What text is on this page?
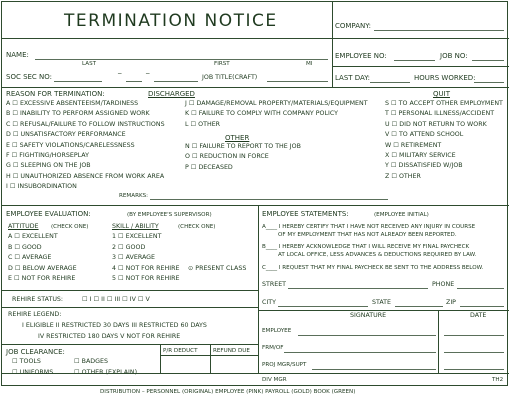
TERMINATION NOTICE	COMPANY:
NAME:
LAST	FIRST	MI
EMPLOYEE NO:	JOB NO:
SOC SEC NO:
_	_
JOB TITLE(CRAFT)	LAST DAY:	HOURS WORKED:
REASON FOR TERMINATION:	DISCHARGED	QUIT
A ☐ EXCESSIVE ABSENTEEISM/TARDINESS
B ☐ INABILITY TO PERFORM ASSIGNED WORK
C ☐ REFUSAL/FAILURE TO FOLLOW INSTRUCTIONS
D ☐ UNSATISFACTORY PERFORMANCE
E ☐ SAFETY VIOLATIONS/CARELESSNESS
F ☐ FIGHTING/HORSEPLAY
G ☐ SLEEPING ON THE JOB
H ☐ UNAUTHORIZED ABSENCE FROM WORK AREA
I ☐ INSUBORDINATION
J ☐ DAMAGE/REMOVAL PROPERTY/MATERIALS/EQUIPMENT
K ☐ FAILURE TO COMPLY WITH COMPANY POLICY
L ☐ OTHER
OTHER
N ☐ FAILURE TO REPORT TO THE JOB
O ☐ REDUCTION IN FORCE
P ☐ DECEASED
S ☐ TO ACCEPT OTHER EMPLOYMENT
T ☐ PERSONAL ILLNESS/ACCIDENT
U ☐ DID NOT RETURN TO WORK
V ☐ TO ATTEND SCHOOL
W ☐ RETIREMENT
X ☐ MILITARY SERVICE
Y ☐ DISSATISFIED W/JOB
Z ☐ OTHER
REMARKS:
EMPLOYEE EVALUATION:	(BY EMPLOYEE'S SUPERVISOR)
ATTITUDE (CHECK ONE)	SKILL / ABILITY	(CHECK ONE)
A ☐ EXCELLENT
B ☐ GOOD
C ☐ AVERAGE
D ☐ BELOW AVERAGE
E ☐ NOT FOR REHIRE
1 ☐ EXCELLENT
2 ☐ GOOD
3 ☐ AVERAGE
4 ☐ NOT FOR REHIRE
5 ☐ NOT FOR REHIRE
⊙ PRESENT CLASS
REHIRE STATUS:	☐ I ☐ II ☐ III ☐ IV ☐ V
REHIRE LEGEND:
I ELIGIBLE II RESTRICTED 30 DAYS III RESTRICTED 60 DAYS
IV RESTRICTED 180 DAYS V NOT FOR REHIRE
JOB CLEARANCE:
☐ TOOLS	☐ BADGES
☐ UNIFORMS	☐ OTHER (EXPLAIN)
P/R DEDUCT	REFUND DUE
EMPLOYEE STATEMENTS:	(EMPLOYEE INITIAL)
A____ I HEREBY CERTIFY THAT I HAVE NOT RECEIVED ANY INJURY IN COURSE
OF MY EMPLOYMENT THAT HAS NOT ALREADY BEEN REPORTED.
B____ I HEREBY ACKNOWLEDGE THAT I WILL RECEIVE MY FINAL PAYCHECK
AT LOCAL OFFICE, LESS ADVANCES & DEDUCTIONS REQUIRED BY LAW.
C____ I REQUEST THAT MY FINAL PAYCHECK BE SENT TO THE ADDRESS BELOW.
STREET	PHONE
CITY	STATE	ZIP
SIGNATURE	DATE
EMPLOYEE
FRM/OF
PROJ MGR/SUPT
DIV MGR	TH2
DISTRIBUTION – PERSONNEL (ORIGINAL) EMPLOYEE (PINK) PAYROLL (GOLD) BOOK (GREEN)
